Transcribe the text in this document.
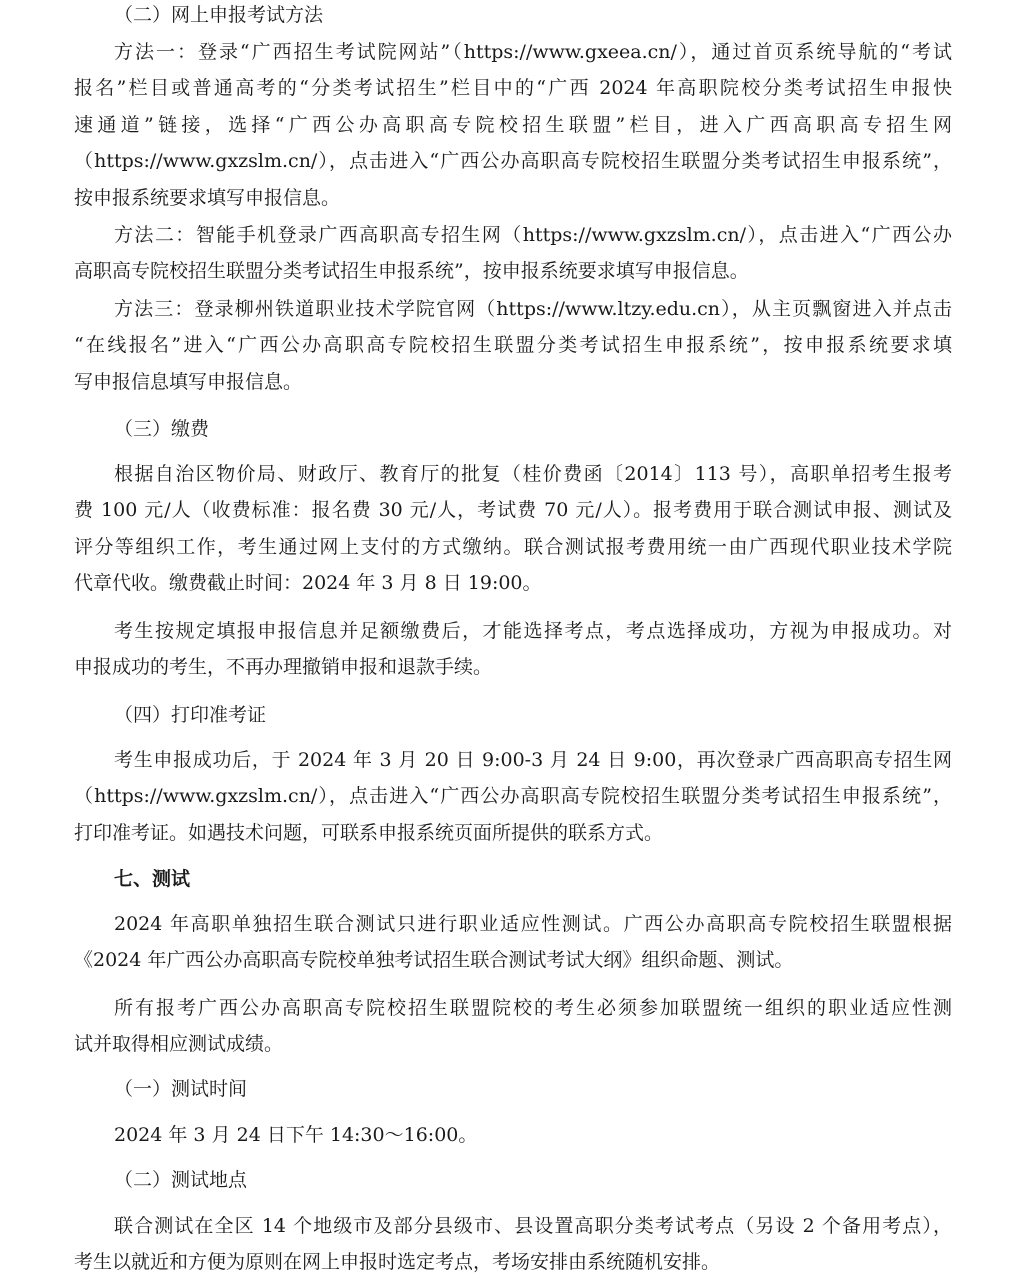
（二）网上申报考试方法
方法一：登录“广西招生考试院网站”（https://www.gxeea.cn/），通过首页系统导航的“考试
报名”栏目或普通高考的“分类考试招生”栏目中的“广西 2024 年高职院校分类考试招生申报快
速通道”链接，选择“广西公办高职高专院校招生联盟”栏目，进入广西高职高专招生网
（https://www.gxzslm.cn/），点击进入“广西公办高职高专院校招生联盟分类考试招生申报系统”，
按申报系统要求填写申报信息。
方法二：智能手机登录广西高职高专招生网（https://www.gxzslm.cn/），点击进入“广西公办
高职高专院校招生联盟分类考试招生申报系统”，按申报系统要求填写申报信息。
方法三：登录柳州铁道职业技术学院官网（https://www.ltzy.edu.cn），从主页飘窗进入并点击
“在线报名”进入“广西公办高职高专院校招生联盟分类考试招生申报系统”，按申报系统要求填
写申报信息填写申报信息。
（三）缴费
根据自治区物价局、财政厅、教育厅的批复（桂价费函〔2014〕113 号），高职单招考生报考
费 100 元/人（收费标准：报名费 30 元/人，考试费 70 元/人）。报考费用于联合测试申报、测试及
评分等组织工作，考生通过网上支付的方式缴纳。联合测试报考费用统一由广西现代职业技术学院
代章代收。缴费截止时间：2024 年 3 月 8 日 19:00。
考生按规定填报申报信息并足额缴费后，才能选择考点，考点选择成功，方视为申报成功。对
申报成功的考生，不再办理撤销申报和退款手续。
（四）打印准考证
考生申报成功后，于 2024 年 3 月 20 日 9:00-3 月 24 日 9:00，再次登录广西高职高专招生网
（https://www.gxzslm.cn/），点击进入“广西公办高职高专院校招生联盟分类考试招生申报系统”，
打印准考证。如遇技术问题，可联系申报系统页面所提供的联系方式。
七、测试
2024 年高职单独招生联合测试只进行职业适应性测试。广西公办高职高专院校招生联盟根据
《2024 年广西公办高职高专院校单独考试招生联合测试考试大纲》组织命题、测试。
所有报考广西公办高职高专院校招生联盟院校的考生必须参加联盟统一组织的职业适应性测
试并取得相应测试成绩。
（一）测试时间
2024 年 3 月 24 日下午 14:30～16:00。
（二）测试地点
联合测试在全区 14 个地级市及部分县级市、县设置高职分类考试考点（另设 2 个备用考点），
考生以就近和方便为原则在网上申报时选定考点，考场安排由系统随机安排。
